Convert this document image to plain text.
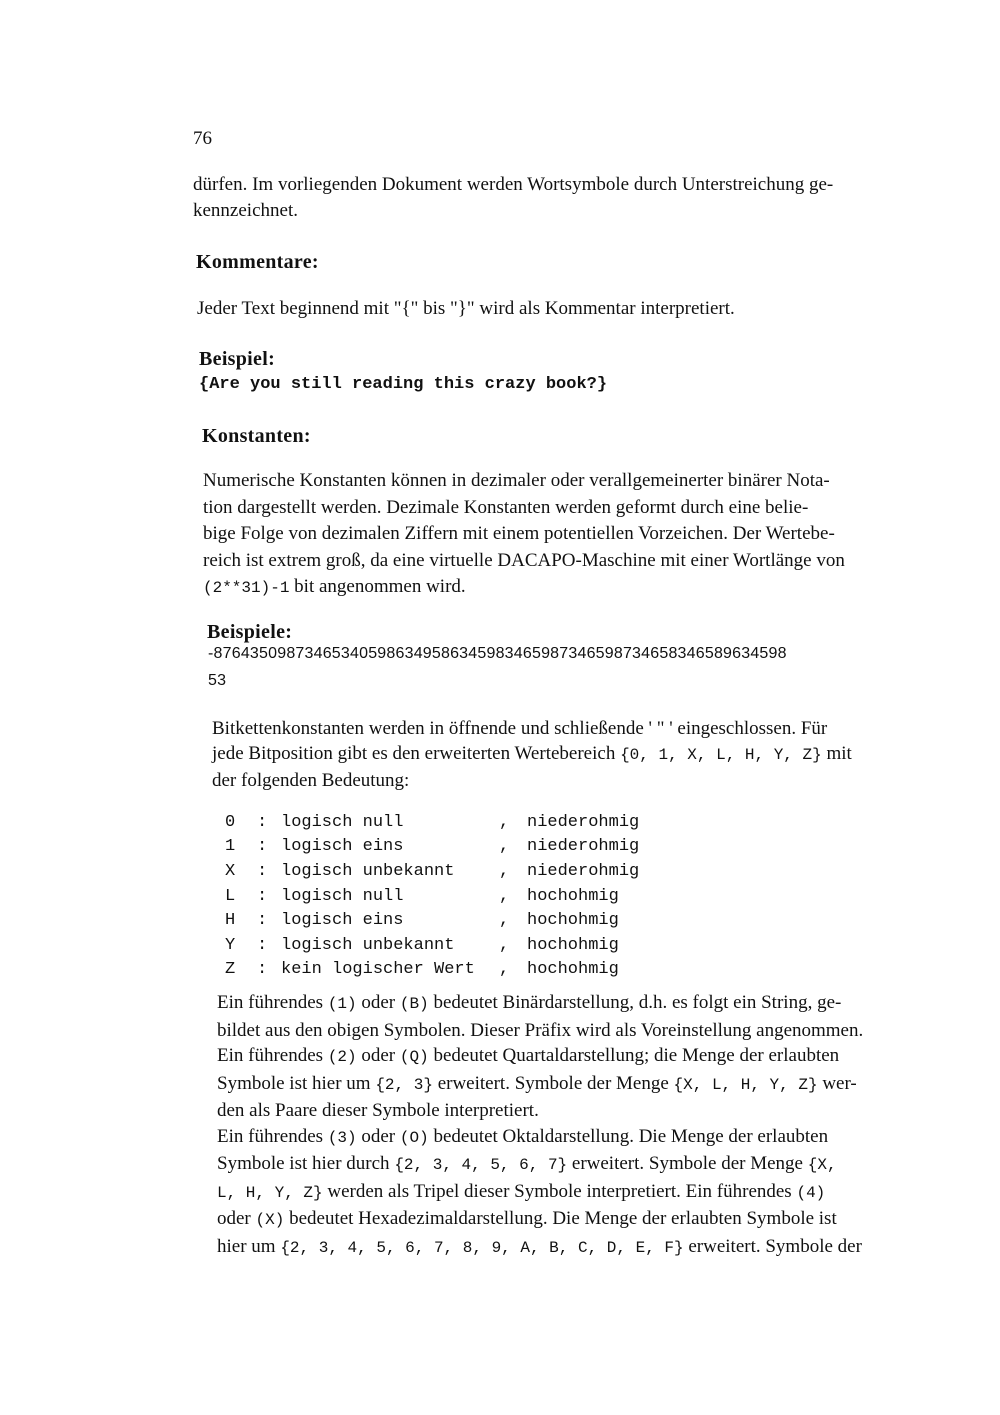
76
dürfen. Im vorliegenden Dokument werden Wortsymbole durch Unterstreichung ge-
kennzeichnet.
Kommentare:
Jeder Text beginnend mit "{" bis "}" wird als Kommentar interpretiert.
Beispiel:
{Are you still reading this crazy book?}
Konstanten:
Numerische Konstanten können in dezimaler oder verallgemeinerter binärer Nota-
tion dargestellt werden. Dezimale Konstanten werden geformt durch eine belie-
bige Folge von dezimalen Ziffern mit einem potentiellen Vorzeichen. Der Wertebe-
reich ist extrem groß, da eine virtuelle DACAPO-Maschine mit einer Wortlänge von
(2**31)-1 bit angenommen wird.
Beispiele:
-876435098734653405986349586345983465987346598734658346589634598
53
Bitkettenkonstanten werden in öffnende und schließende ' " ' eingeschlossen. Für
jede Bitposition gibt es den erweiterten Wertebereich {0, 1, X, L, H, Y, Z} mit
der folgenden Bedeutung:
0	:	logisch null	,	niederohmig
1	:	logisch eins	,	niederohmig
X	:	logisch unbekannt	,	niederohmig
L	:	logisch null	,	hochohmig
H	:	logisch eins	,	hochohmig
Y	:	logisch unbekannt	,	hochohmig
Z	:	kein logischer Wert	,	hochohmig
Ein führendes (1) oder (B) bedeutet Binärdarstellung, d.h. es folgt ein String, ge-
bildet aus den obigen Symbolen. Dieser Präfix wird als Voreinstellung angenommen.
Ein führendes (2) oder (Q) bedeutet Quartaldarstellung; die Menge der erlaubten
Symbole ist hier um {2, 3} erweitert. Symbole der Menge {X, L, H, Y, Z} wer-
den als Paare dieser Symbole interpretiert.
Ein führendes (3) oder (O) bedeutet Oktaldarstellung. Die Menge der erlaubten
Symbole ist hier durch {2, 3, 4, 5, 6, 7} erweitert. Symbole der Menge {X,
L, H, Y, Z} werden als Tripel dieser Symbole interpretiert. Ein führendes (4)
oder (X) bedeutet Hexadezimaldarstellung. Die Menge der erlaubten Symbole ist
hier um {2, 3, 4, 5, 6, 7, 8, 9, A, B, C, D, E, F} erweitert. Symbole der
